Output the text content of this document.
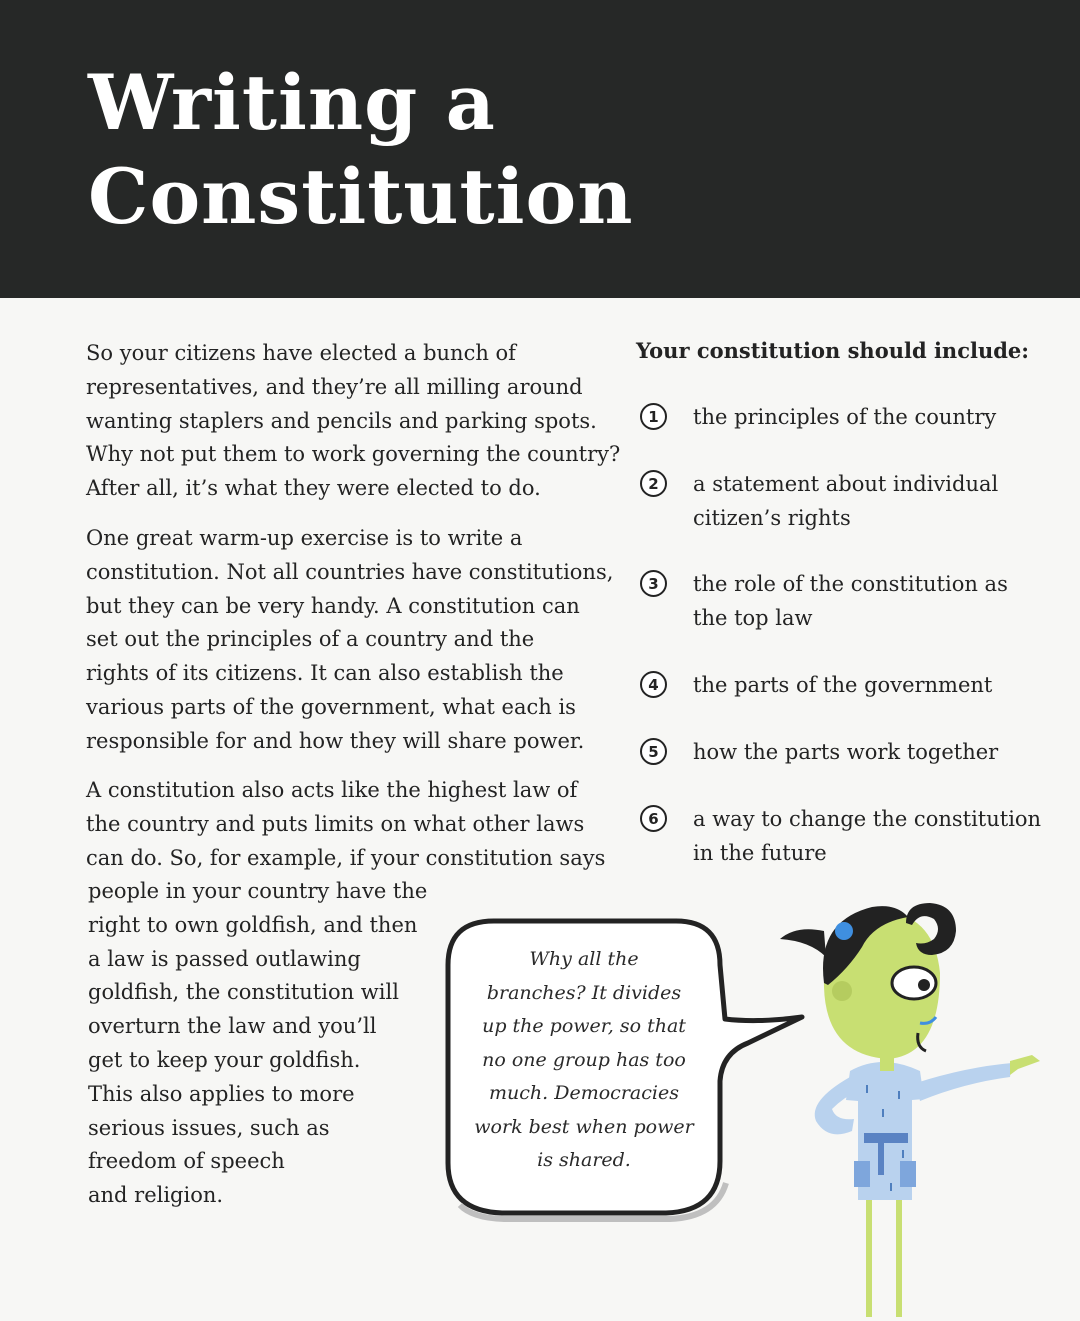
Writing a
Constitution
So your citizens have elected a bunch of
representatives, and they’re all milling around
wanting staplers and pencils and parking spots.
Why not put them to work governing the country?
After all, it’s what they were elected to do.
One great warm-up exercise is to write a
constitution. Not all countries have constitutions,
but they can be very handy. A constitution can
set out the principles of a country and the
rights of its citizens. It can also establish the
various parts of the government, what each is
responsible for and how they will share power.
A constitution also acts like the highest law of
the country and puts limits on what other laws
can do. So, for example, if your constitution says
people in your country have the
right to own goldfish, and then
a law is passed outlawing
goldfish, the constitution will
overturn the law and you’ll
get to keep your goldfish.
This also applies to more
serious issues, such as
freedom of speech
and religion.
Your constitution should include:
1	the principles of the country
2	a statement about individual
citizen’s rights
3	the role of the constitution as
the top law
4	the parts of the government
5	how the parts work together
6	a way to change the constitution
in the future
Why all the
branches? It divides
up the power, so that
no one group has too
much. Democracies
work best when power
is shared.
